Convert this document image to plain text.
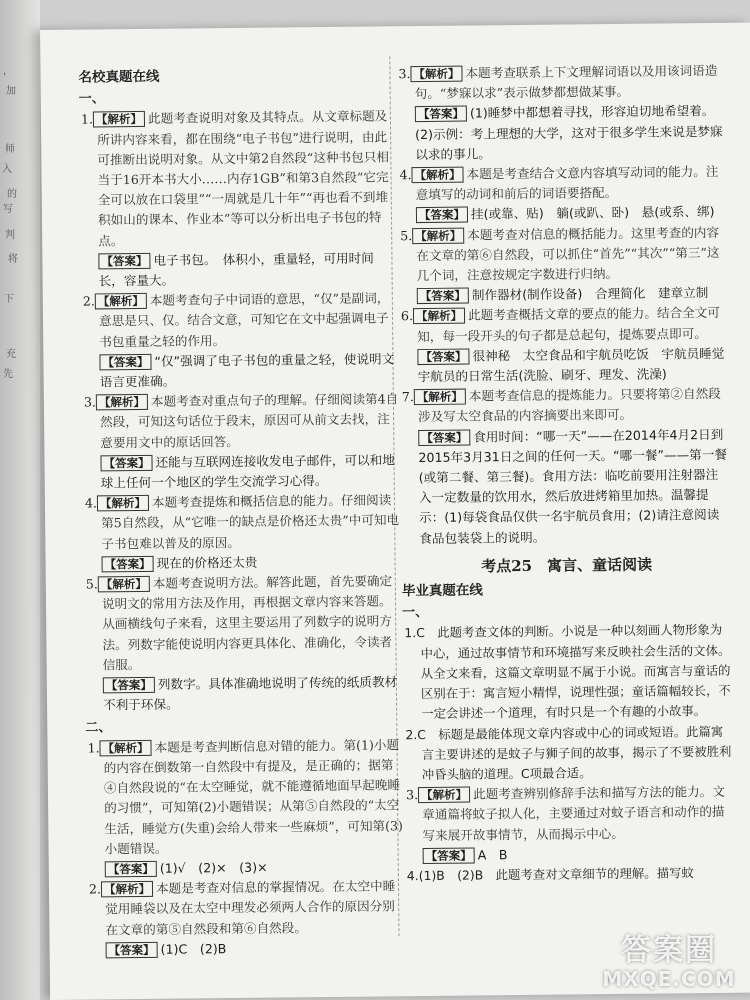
，
加
师
入
的
写
判
将
下
充
先
名校真题在线
一、

1. 【解析】 此题考查说明对象及其特点。从文章标题及所讲内容来看，都在围绕“电子书包”进行说明，由此可推断出说明对象。从文中第2自然段“这种书包只相当于16开本书大小……内存1GB”和第3自然段“它完全可以放在口袋里”“一周就是几十年”“再也看不到堆积如山的课本、作业本”等可以分析出电子书包的特点。

【答案】 电子书包。　体积小，重量轻，可用时间长，容量大。

2. 【解析】 本题考查句子中词语的意思，“仅”是副词，意思是只、仅。结合文意，可知它在文中起强调电子书包重量之轻的作用。

【答案】 “仅”强调了电子书包的重量之轻，使说明文语言更准确。

3. 【解析】 本题考查对重点句子的理解。仔细阅读第4自然段，可知这句话位于段末，原因可从前文去找，注意要用文中的原话回答。

【答案】 还能与互联网连接收发电子邮件，可以和地球上任何一个地区的学生交流学习心得。

4. 【解析】 本题考查提炼和概括信息的能力。仔细阅读第5自然段，从“它唯一的缺点是价格还太贵”中可知电子书包难以普及的原因。

【答案】 现在的价格还太贵

5. 【解析】 本题考查说明方法。解答此题，首先要确定说明文的常用方法及作用，再根据文章内容来答题。从画横线句子来看，这里主要运用了列数字的说明方法。列数字能使说明内容更具体化、准确化，令读者信服。

【答案】 列数字。具体准确地说明了传统的纸质教材不利于环保。

二、

1. 【解析】 本题是考查判断信息对错的能力。第(1)小题的内容在倒数第一自然段中有提及，是正确的；据第④自然段说的“在太空睡觉，就不能遵循地面早起晚睡的习惯”，可知第(2)小题错误；从第⑤自然段的“太空生活，睡觉方(失重)会给人带来一些麻烦”，可知第(3)小题错误。

【答案】 (1)√　(2)×　(3)×

2. 【解析】 本题是考查对信息的掌握情况。在太空中睡觉用睡袋以及在太空中理发必须两人合作的原因分别在文章的第⑤自然段和第⑥自然段。

【答案】 (1)C　(2)B

3. 【解析】 本题考查联系上下文理解词语以及用该词语造句。“梦寐以求”表示做梦都想做某事。

【答案】 (1)睡梦中都想着寻找，形容迫切地希望着。(2)示例：考上理想的大学，这对于很多学生来说是梦寐以求的事儿。

4. 【解析】 本题是考查结合文意内容填写动词的能力。注意填写的动词和前后的词语要搭配。

【答案】 挂(或靠、贴)　躺(或趴、卧)　悬(或系、绑)

5. 【解析】 本题考查对信息的概括能力。这里考查的内容在文章的第⑥自然段，可以抓住“首先”“其次”“第三”这几个词，注意按规定字数进行归纳。

【答案】 制作器材(制作设备)　合理简化　建章立制

6. 【解析】 此题考查概括文章的要点的能力。结合全文可知，每一段开头的句子都是总起句，提炼要点即可。

【答案】 很神秘　太空食品和宇航员吃饭　宇航员睡觉　宇航员的日常生活(洗脸、刷牙、理发、洗澡)

7. 【解析】 本题考查信息的提炼能力。只要将第②自然段涉及写太空食品的内容摘要出来即可。

【答案】 食用时间：“哪一天”——在2014年4月2日到2015年3月31日之间的任何一天。“哪一餐”——第一餐(或第二餐、第三餐)。食用方法：临吃前要用注射器注入一定数量的饮用水，然后放进烤箱里加热。温馨提示：(1)每袋食品仅供一名宇航员食用；(2)请注意阅读食品包装袋上的说明。

考点25　寓言、童话阅读
毕业真题在线
一、

1.C　此题考查文体的判断。小说是一种以刻画人物形象为中心，通过故事情节和环境描写来反映社会生活的文体。从全文来看，这篇文章明显不属于小说。而寓言与童话的区别在于：寓言短小精悍，说理性强；童话篇幅较长，不一定会讲述一个道理，有时只是一个有趣的小故事。

2.C　标题是最能体现文章内容或中心的词或短语。此篇寓言主要讲述的是蚊子与狮子间的故事，揭示了不要被胜利冲昏头脑的道理。C项最合适。

3. 【解析】 此题考查辨别修辞手法和描写方法的能力。文章通篇将蚊子拟人化，主要通过对蚊子语言和动作的描写来展开故事情节，从而揭示中心。

【答案】 A　B

4.(1)B　(2)B　此题考查对文章细节的理解。描写蚊

答案圈
MXQE.COM
